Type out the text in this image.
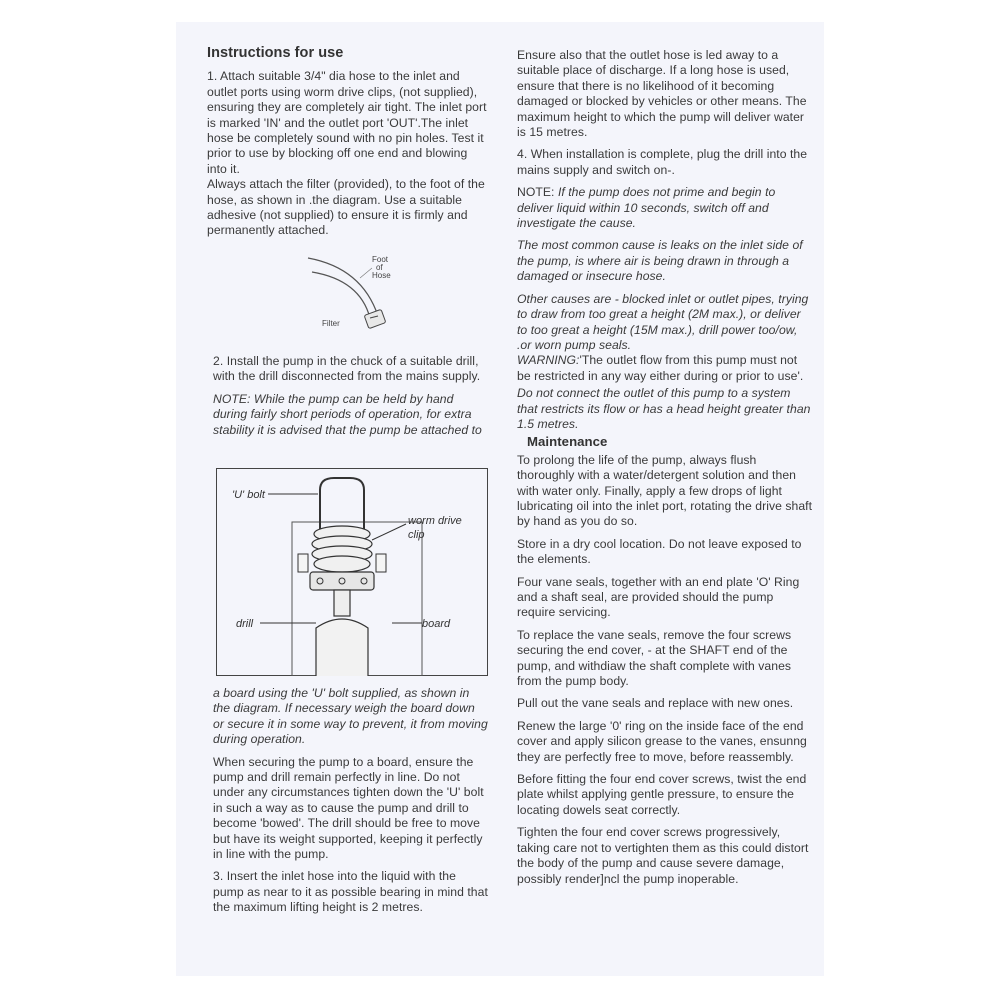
Instructions for use

1. Attach suitable 3/4" dia hose to the inlet and outlet ports using worm drive clips, (not supplied), ensuring they are completely air tight. The inlet port is marked 'IN' and the outlet port 'OUT'.The inlet hose be completely sound with no pin holes. Test it prior to use by blocking off one end and blowing into it.

Always attach the filter (provided), to the foot of the hose, as shown in .the diagram. Use a suitable adhesive (not supplied) to ensure it is firmly and permanently attached.

Foot
of
Hose
Filter

2. Install the pump in the chuck of a suitable drill, with the drill disconnected from the mains supply.

NOTE: While the pump can be held by hand during fairly short periods of operation, for extra stability it is advised that the pump be attached to

'U' bolt
worm drive
clip
drill	board

a board using the 'U' bolt supplied, as shown in the diagram. If necessary weigh the board down or secure it in some way to prevent, it from moving during operation.

When securing the pump to a board, ensure the pump and drill remain perfectly in line. Do not under any circumstances tighten down the 'U' bolt in such a way as to cause the pump and drill to become 'bowed'. The drill should be free to move but have its weight supported, keeping it perfectly in line with the pump.

3. Insert the inlet hose into the liquid with the pump as near to it as possible bearing in mind that the maximum lifting height is 2 metres.

Ensure also that the outlet hose is led away to a suitable place of discharge. If a long hose is used, ensure that there is no likelihood of it becoming damaged or blocked by vehicles or other means. The maximum height to which the pump will deliver water is 15 metres.

4. When installation is complete, plug the drill into the mains supply and switch on-.

NOTE: If the pump does not prime and begin to deliver liquid within 10 seconds, switch off and investigate the cause.

The most common cause is leaks on the inlet side of the pump, is where air is being drawn in through a damaged or insecure hose.

Other causes are - blocked inlet or outlet pipes, trying to draw from too great a height (2M max.), or deliver to too great a height (15M max.), drill power too/ow, .or worn pump seals.
WARNING:'The outlet flow from this pump must not be restricted in any way either during or prior to use'.

Do not connect the outlet of this pump to a system that restricts its flow or has a head height greater than 1.5 metres.

Maintenance

To prolong the life of the pump, always flush thoroughly with a water/detergent solution and then with water only. Finally, apply a few drops of light lubricating oil into the inlet port, rotating the drive shaft by hand as you do so.

Store in a dry cool location. Do not leave exposed to the elements.

Four vane seals, together with an end plate 'O' Ring and a shaft seal, are provided should the pump require servicing.

To replace the vane seals, remove the four screws securing the end cover, - at the SHAFT end of the pump, and withdiaw the shaft complete with vanes from the pump body.

Pull out the vane seals and replace with new ones.

Renew the large '0' ring on the inside face of the end cover and apply silicon grease to the vanes, ensunng they are perfectly free to move, before reassembly.

Before fitting the four end cover screws, twist the end plate whilst applying gentle pressure, to ensure the locating dowels seat correctly.

Tighten the four end cover screws progressively, taking care not to vertighten them as this could distort the body of the pump and cause severe damage, possibly render]ncl the pump inoperable.
